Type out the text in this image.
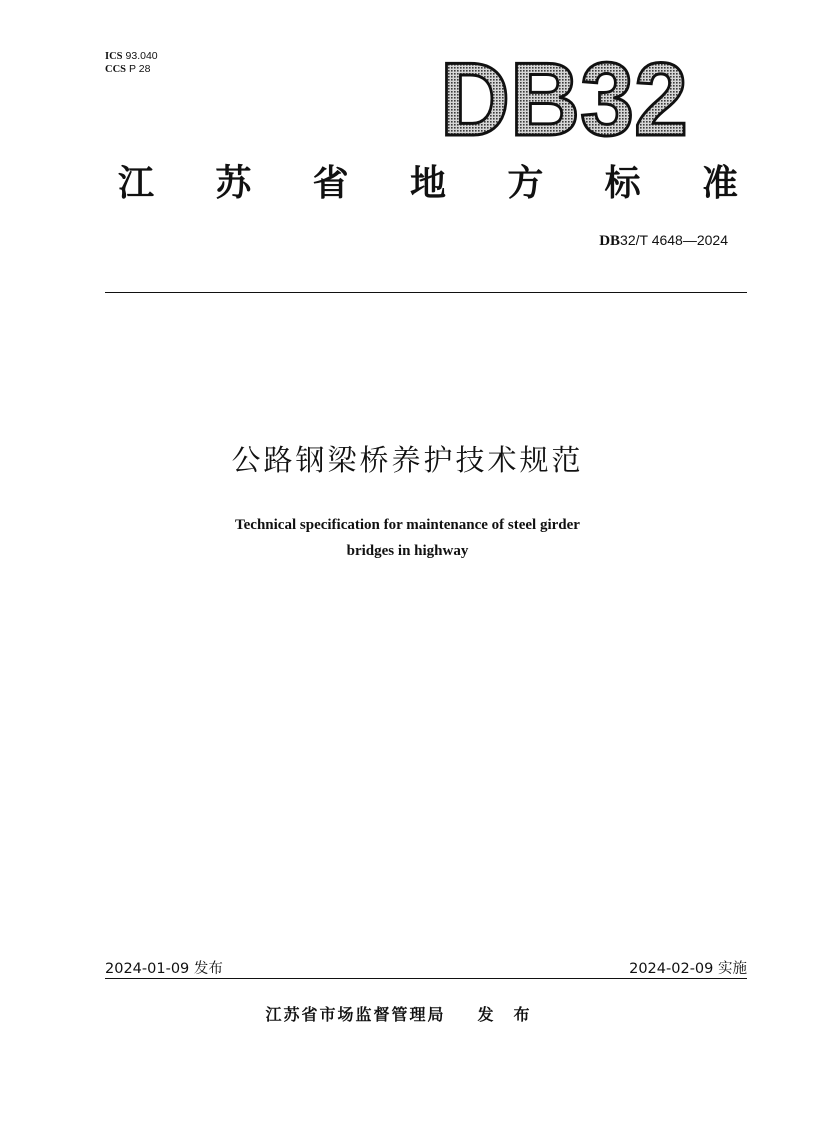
ICS 93.040
CCS P 28	DB32
江 苏 省 地 方 标 准
DB32/T 4648—2024
公路钢梁桥养护技术规范
Technical specification for maintenance of steel girder
bridges in highway
2024-01-09 发布	2024-02-09 实施
江苏省市场监督管理局 发布
